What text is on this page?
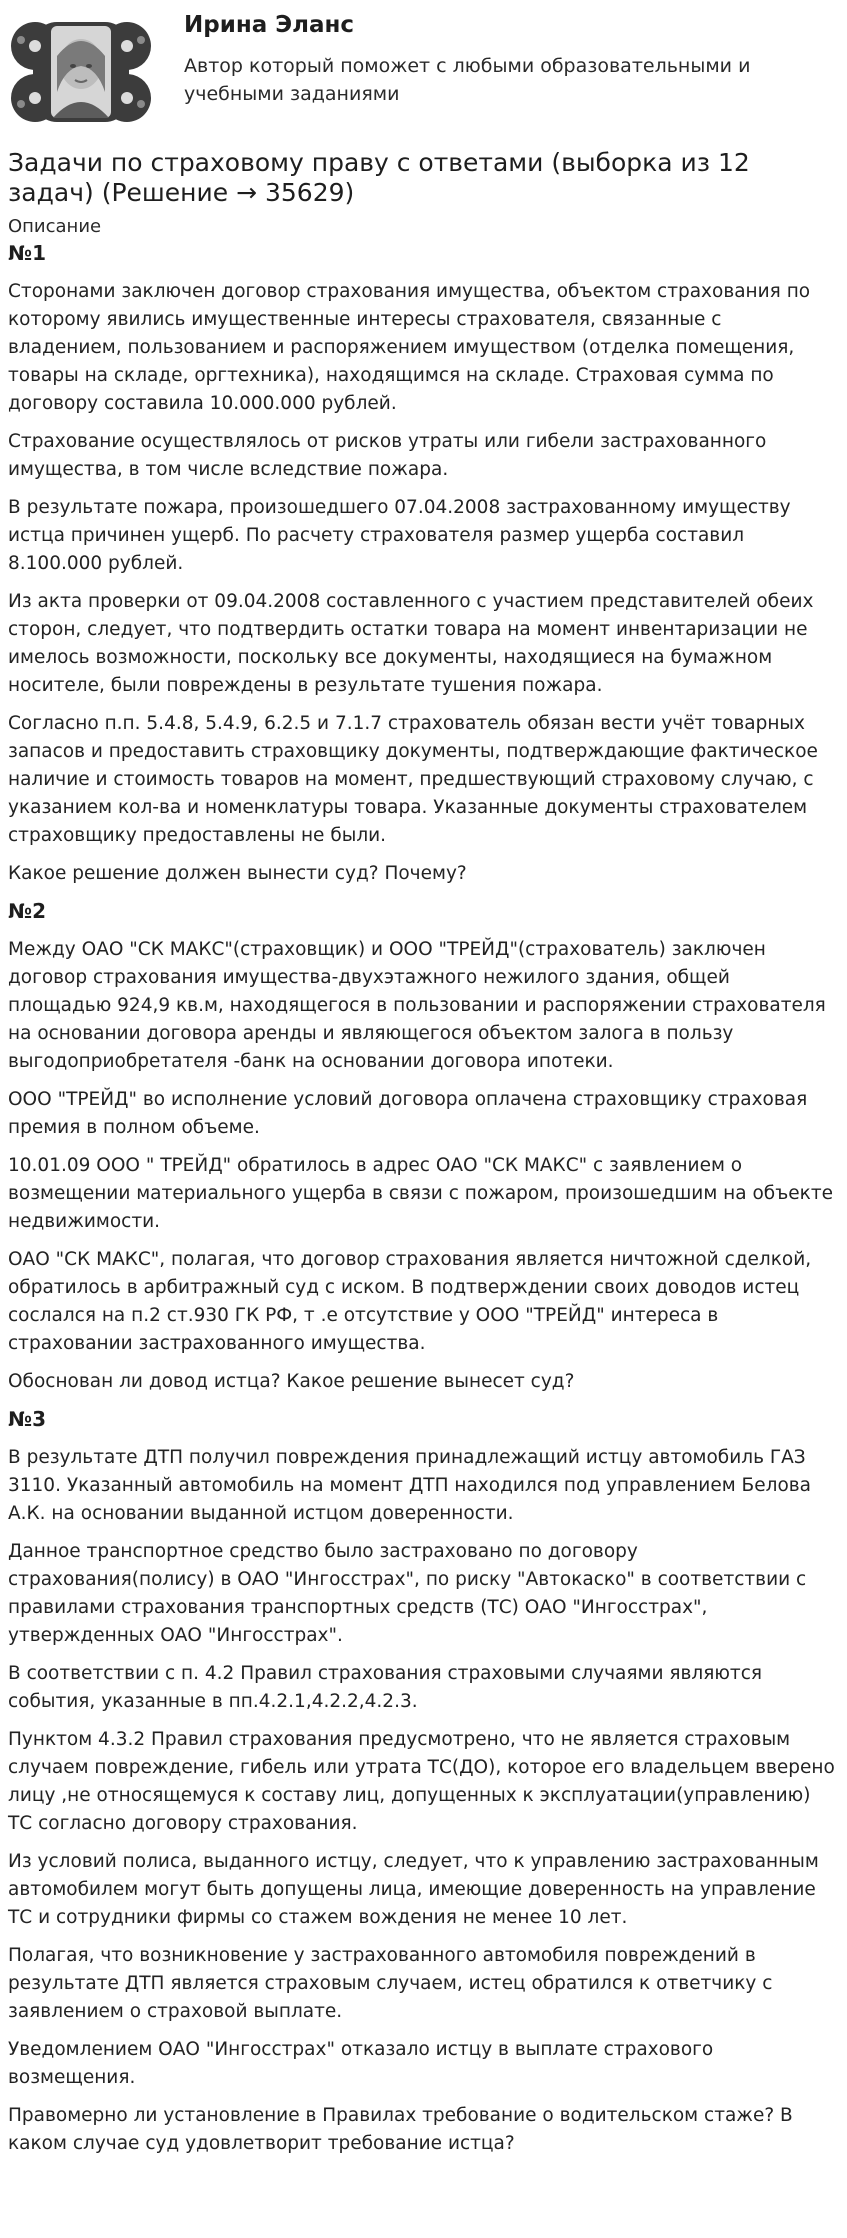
Ирина Эланс

Автор который поможет с любыми образовательными и учебными заданиями

Задачи по страховому праву с ответами (выборка из 12 задач) (Решение → 35629)
Описание
№1

Сторонами заключен договор страхования имущества, объектом страхования по которому явились имущественные интересы страхователя, связанные с владением, пользованием и распоряжением имуществом (отделка помещения, товары на складе, оргтехника), находящимся на складе. Страховая сумма по договору составила 10.000.000 рублей.

Страхование осуществлялось от рисков утраты или гибели застрахованного имущества, в том числе вследствие пожара.

В результате пожара, произошедшего 07.04.2008 застрахованному имуществу истца причинен ущерб. По расчету страхователя размер ущерба составил 8.100.000 рублей.

Из акта проверки от 09.04.2008 составленного с участием представителей обеих сторон, следует, что подтвердить остатки товара на момент инвентаризации не имелось возможности, поскольку все документы, находящиеся на бумажном носителе, были повреждены в результате тушения пожара.

Согласно п.п. 5.4.8, 5.4.9, 6.2.5 и 7.1.7 страхователь обязан вести учёт товарных запасов и предоставить страховщику документы, подтверждающие фактическое наличие и стоимость товаров на момент, предшествующий страховому случаю, с указанием кол-ва и номенклатуры товара. Указанные документы страхователем страховщику предоставлены не были.

Какое решение должен вынести суд? Почему?

№2

Между ОАО "СК МАКС"(страховщик) и ООО "ТРЕЙД"(страхователь) заключен договор страхования имущества-двухэтажного нежилого здания, общей площадью 924,9 кв.м, находящегося в пользовании и распоряжении страхователя на основании договора аренды и являющегося объектом залога в пользу выгодоприобретателя -банк на основании договора ипотеки.

ООО "ТРЕЙД" во исполнение условий договора оплачена страховщику страховая премия в полном объеме.

10.01.09 ООО " ТРЕЙД" обратилось в адрес ОАО "СК МАКС" с заявлением о возмещении материального ущерба в связи с пожаром, произошедшим на объекте недвижимости.

ОАО "СК МАКС", полагая, что договор страхования является ничтожной сделкой, обратилось в арбитражный суд с иском. В подтверждении своих доводов истец сослался на п.2 ст.930 ГК РФ, т .е отсутствие у ООО "ТРЕЙД" интереса в страховании застрахованного имущества.

Обоснован ли довод истца? Какое решение вынесет суд?

№3

В результате ДТП получил повреждения принадлежащий истцу автомобиль ГАЗ 3110. Указанный автомобиль на момент ДТП находился под управлением Белова А.К. на основании выданной истцом доверенности.

Данное транспортное средство было застраховано по договору страхования(полису) в ОАО "Ингосстрах", по риску "Автокаско" в соответствии с правилами страхования транспортных средств (ТС) ОАО "Ингосстрах", утвержденных ОАО "Ингосстрах".

В соответствии с п. 4.2 Правил страхования страховыми случаями являются события, указанные в пп.4.2.1,4.2.2,4.2.3.

Пунктом 4.3.2 Правил страхования предусмотрено, что не является страховым случаем повреждение, гибель или утрата ТС(ДО), которое его владельцем вверено лицу ,не относящемуся к составу лиц, допущенных к эксплуатации(управлению) ТС согласно договору страхования.

Из условий полиса, выданного истцу, следует, что к управлению застрахованным автомобилем могут быть допущены лица, имеющие доверенность на управление ТС и сотрудники фирмы со стажем вождения не менее 10 лет.

Полагая, что возникновение у застрахованного автомобиля повреждений в результате ДТП является страховым случаем, истец обратился к ответчику с заявлением о страховой выплате.

Уведомлением ОАО "Ингосстрах" отказало истцу в выплате страхового возмещения.

Правомерно ли установление в Правилах требование о водительском стаже? В каком случае суд удовлетворит требование истца?
